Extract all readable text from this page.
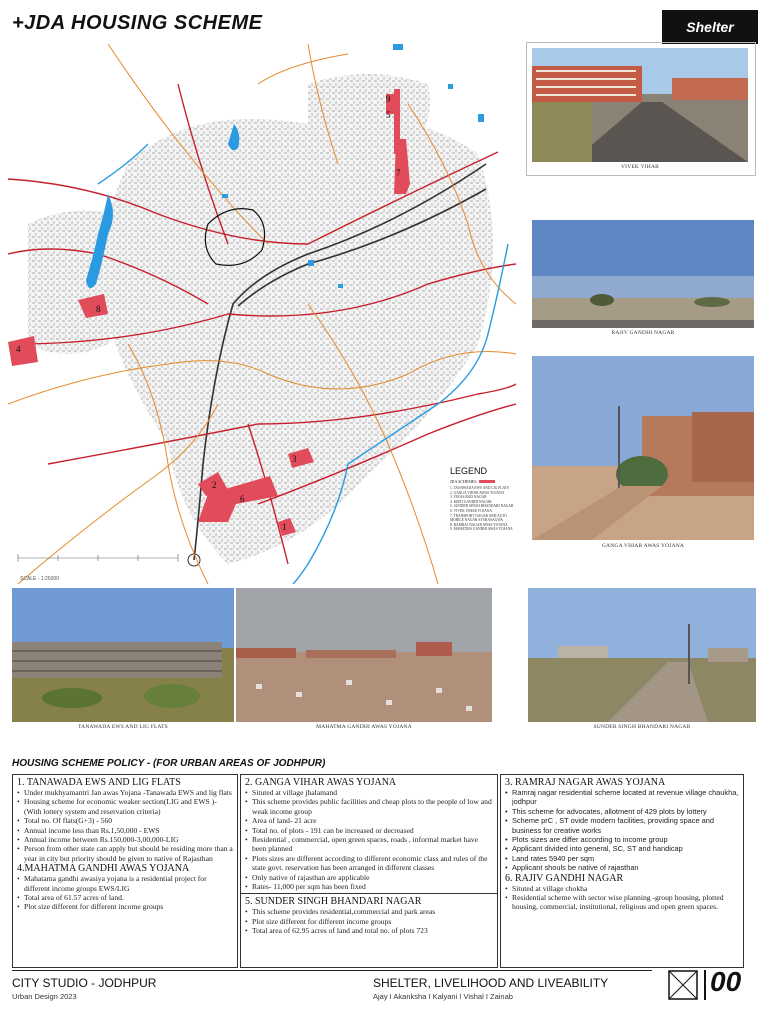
+JDA HOUSING SCHEME	Shelter
9
5
7
8
4
3
2
6
1
SCALE - 1:25000
LEGEND
JDA SCHEMES
1. TANAWADA EWS AND LIG FLATS
2. GANGA VIHAR AWAS YOJANA
3. VIKAS BAD NAGAR
4. KIRTI GANDHI NAGAR
5. SUNDER SINGH BHANDARI NAGAR
6. VIVEK VIHAR YOJANA
7. TRANSPORT NAGAR AND AUTO MOBILE NAGAR SYARASAGWA
8. RAMRAJ NAGAR AWAS YOJANA
9. MAHATMA GANDHI AWAS YOJANA
VIVEK VIHAR
RAJIV GANDHI NAGAR
GANGA VIHAR AWAS YOJANA
TANAWADA EWS AND LIG FLATS	MAHATMA GANDHI AWAS YOJANA	SUNDER SINGH BHANDARI NAGAR
HOUSING SCHEME POLICY - (FOR URBAN AREAS OF JODHPUR)
1. TANAWADA EWS AND LIG FLATS
• Under mukhyamantri Jan awas Yojana -Tanawada EWS and lig flats
• Housing scheme for economic weaker section(LIG and EWS )-(With lottery system and reservation criteria)
• Total no. Of flats(G+3) - 560
• Annual income less than Rs.1,50,000 - EWS
• Annual income between Rs.150,000-3,00,000-LIG
• Person from other state can apply but should be residing more than a year in city but priority should be given to native of Rajasthan
4.MAHATMA GANDHI AWAS YOJANA
• Mahatama gandhi awasiya yojana is a residential project for different income groups EWS/LIG
• Total area of 61.57 acres of land.
• Plot size different for different income groups
2. GANGA VIHAR AWAS YOJANA
• Situted at village jhalamand
• This scheme provides public facilities and cheap plots to the people of low and weak income group
• Area of land- 21 acre
• Total no. of plots - 191 can be increased or decreased
• Residential , commercial, open green spaces, roads , informal market have been planned
• Plots sizes are different according to different economic class and rules of the state govt. reservation has been arranged in different classes
• Only native of rajasthan are applicable
• Rates- 11,000 per sqm has been fixed
5. SUNDER SINGH BHANDARI NAGAR
• This scheme provides residential,commercial and park areas
• Plot size different for different income groups
• Total area of 62.95 acres of land and total no. of plots 723
3. RAMRAJ NAGAR AWAS YOJANA
• Ramraj nagar residential scheme located at revenue village chaukha, jodhpur
• This scheme for advocates, allotment of 429 plots by lottery
• Scheme prC , ST ovide modern facilities, providing space and business for creative works
• Plots sizes are differ according to income group
• Applicant divided into general, SC, ST and handicap
• Land rates 5940 per sqm
• Applicant shouls be native of rajasthan
6. RAJIV GANDHI NAGAR
• Situted at village chokha
• Residential scheme with sector wise planning -group housing, plotted housing, commercial, institutional, religious and open green spaces.
CITY STUDIO - JODHPUR
Urban Design 2023
SHELTER, LIVELIHOOD AND LIVEABILITY
Ajay I Akanksha I Kalyani I Vishal I Zainab	00
